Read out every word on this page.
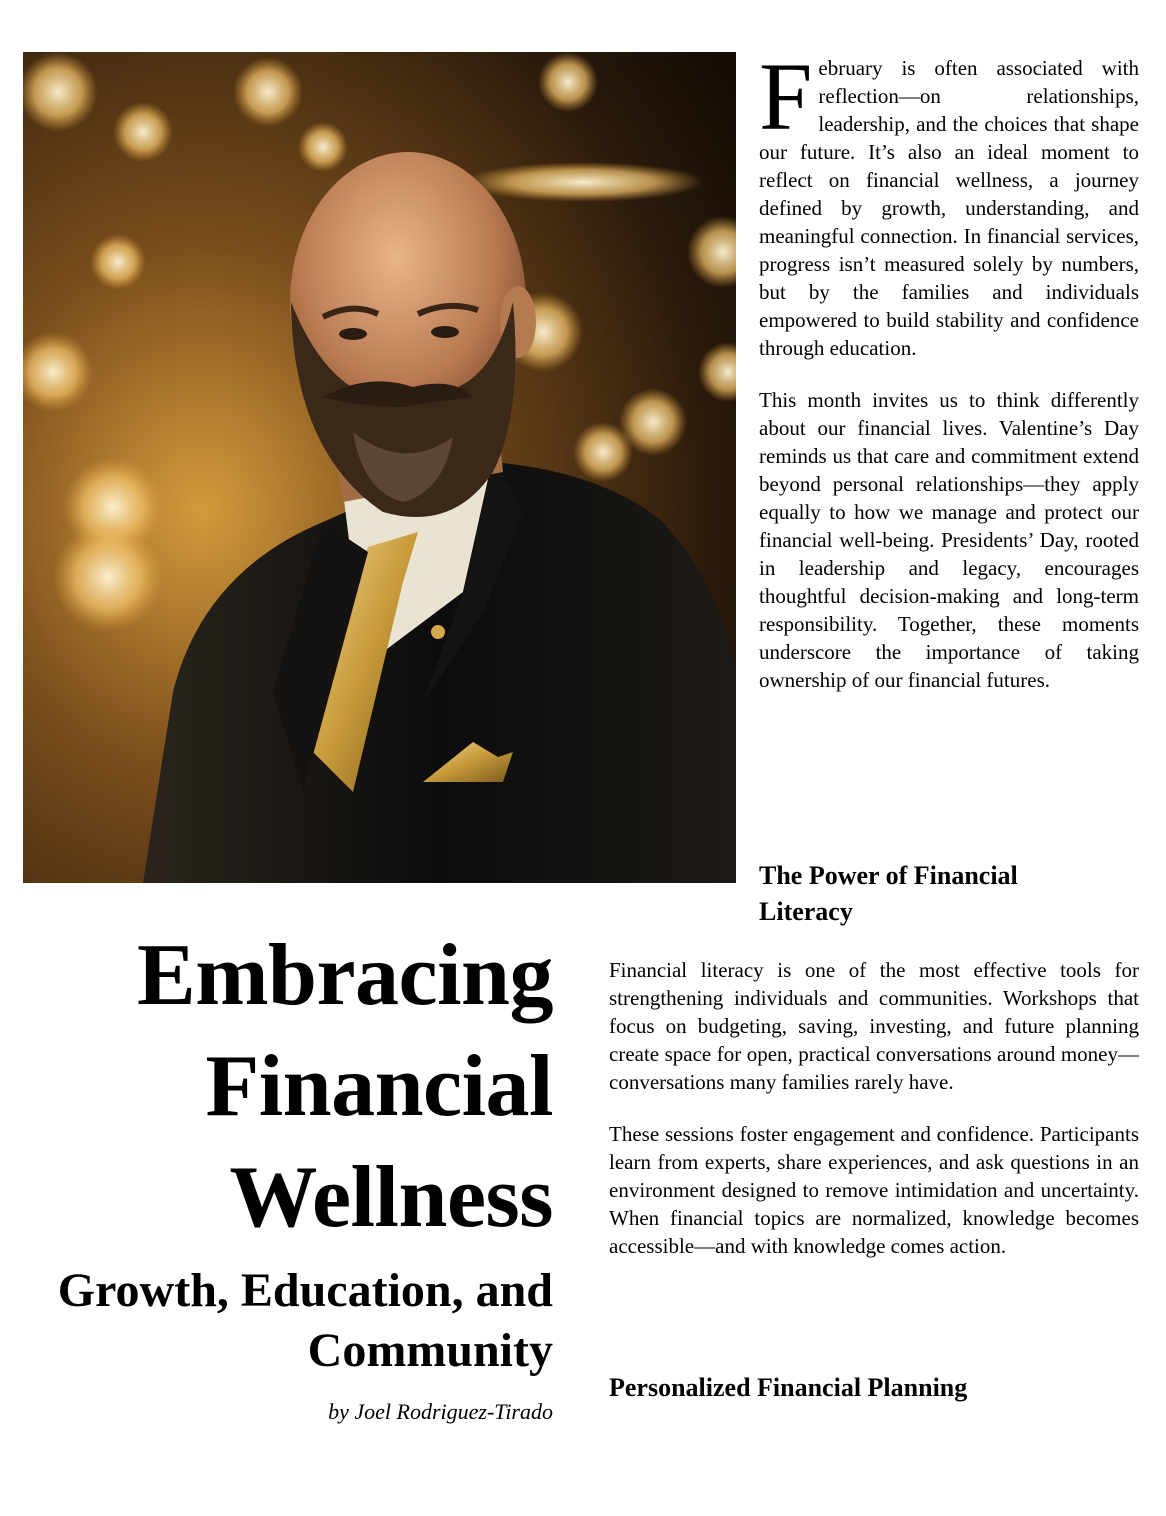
February is often associated with reflection—on relationships, leadership, and the choices that shape our future. It’s also an ideal moment to reflect on financial wellness, a journey defined by growth, understanding, and meaningful connection. In financial services, progress isn’t measured solely by numbers, but by the families and individuals empowered to build stability and confidence through education.

This month invites us to think differently about our financial lives. Valentine’s Day reminds us that care and commitment extend beyond personal relationships—they apply equally to how we manage and protect our financial well-being. Presidents’ Day, rooted in leadership and legacy, encourages thoughtful decision-making and long-term responsibility. Together, these moments underscore the importance of taking ownership of our financial futures.

The Power of Financial Literacy

Financial literacy is one of the most effective tools for strengthening individuals and communities. Workshops that focus on budgeting, saving, investing, and future planning create space for open, practical conversations around money—conversations many families rarely have.

These sessions foster engagement and confidence. Participants learn from experts, share experiences, and ask questions in an environment designed to remove intimidation and uncertainty. When financial topics are normalized, knowledge becomes accessible—and with knowledge comes action.

Personalized Financial Planning
Embracing
Financial
Wellness
Growth, Education, and Community

by Joel Rodriguez-Tirado
